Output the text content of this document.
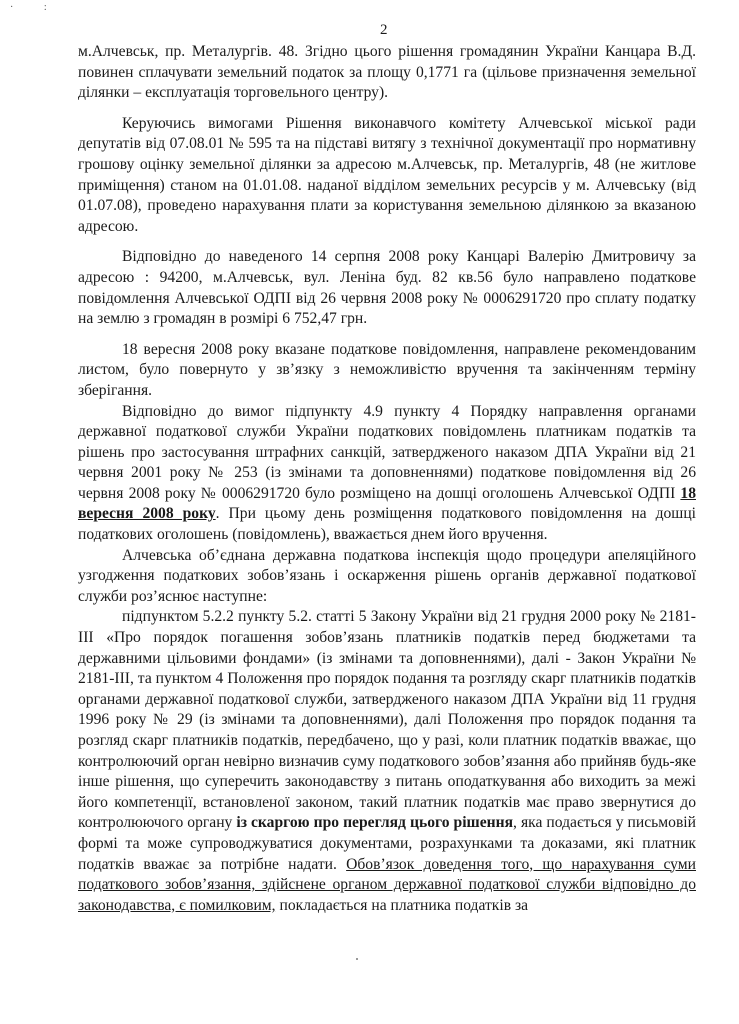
· :
2

м.Алчевськ, пр. Металургів. 48. Згідно цього рішення громадянин України Канцара В.Д. повинен сплачувати земельний податок за площу 0,1771 га (цільове призначення земельної ділянки – експлуатація торговельного центру).

Керуючись вимогами Рішення виконавчого комітету Алчевської міської ради депутатів від 07.08.01 № 595 та на підставі витягу з технічної документації про нормативну грошову оцінку земельної ділянки за адресою м.Алчевськ, пр. Металургів, 48 (не житлове приміщення) станом на 01.01.08. наданої відділом земельних ресурсів у м. Алчевську (від 01.07.08), проведено нарахування плати за користування земельною ділянкою за вказаною адресою.

Відповідно до наведеного 14 серпня 2008 року Канцарі Валерію Дмитровичу за адресою : 94200, м.Алчевськ, вул. Леніна буд. 82 кв.56 було направлено податкове повідомлення Алчевської ОДПІ від 26 червня 2008 року № 0006291720 про сплату податку на землю з громадян в розмірі 6 752,47 грн.

18 вересня 2008 року вказане податкове повідомлення, направлене рекомендованим листом, було повернуто у зв’язку з неможливістю вручення та закінченням терміну зберігання.

Відповідно до вимог підпункту 4.9 пункту 4 Порядку направлення органами державної податкової служби України податкових повідомлень платникам податків та рішень про застосування штрафних санкцій, затвердженого наказом ДПА України від 21 червня 2001 року № 253 (із змінами та доповненнями) податкове повідомлення від 26 червня 2008 року № 0006291720 було розміщено на дошці оголошень Алчевської ОДПІ 18 вересня 2008 року. При цьому день розміщення податкового повідомлення на дошці податкових оголошень (повідомлень), вважається днем його вручення.

Алчевська об’єднана державна податкова інспекція щодо процедури апеляційного узгодження податкових зобов’язань і оскарження рішень органів державної податкової служби роз’яснює наступне:

підпунктом 5.2.2 пункту 5.2. статті 5 Закону України від 21 грудня 2000 року № 2181-ІІІ «Про порядок погашення зобов’язань платників податків перед бюджетами та державними цільовими фондами» (із змінами та доповненнями), далі - Закон України № 2181-ІІІ, та пунктом 4 Положення про порядок подання та розгляду скарг платників податків органами державної податкової служби, затвердженого наказом ДПА України від 11 грудня 1996 року № 29 (із змінами та доповненнями), далі Положення про порядок подання та розгляд скарг платників податків, передбачено, що у разі, коли платник податків вважає, що контролюючий орган невірно визначив суму податкового зобов’язання або прийняв будь-яке інше рішення, що суперечить законодавству з питань оподаткування або виходить за межі його компетенції, встановленої законом, такий платник податків має право звернутися до контролюючого органу із скаргою про перегляд цього рішення, яка подається у письмовій формі та може супроводжуватися документами, розрахунками та доказами, які платник податків вважає за потрібне надати. Обов’язок доведення того, що нарахування суми податкового зобов’язання, здійснене органом державної податкової служби відповідно до законодавства, є помилковим, покладається на платника податків за
